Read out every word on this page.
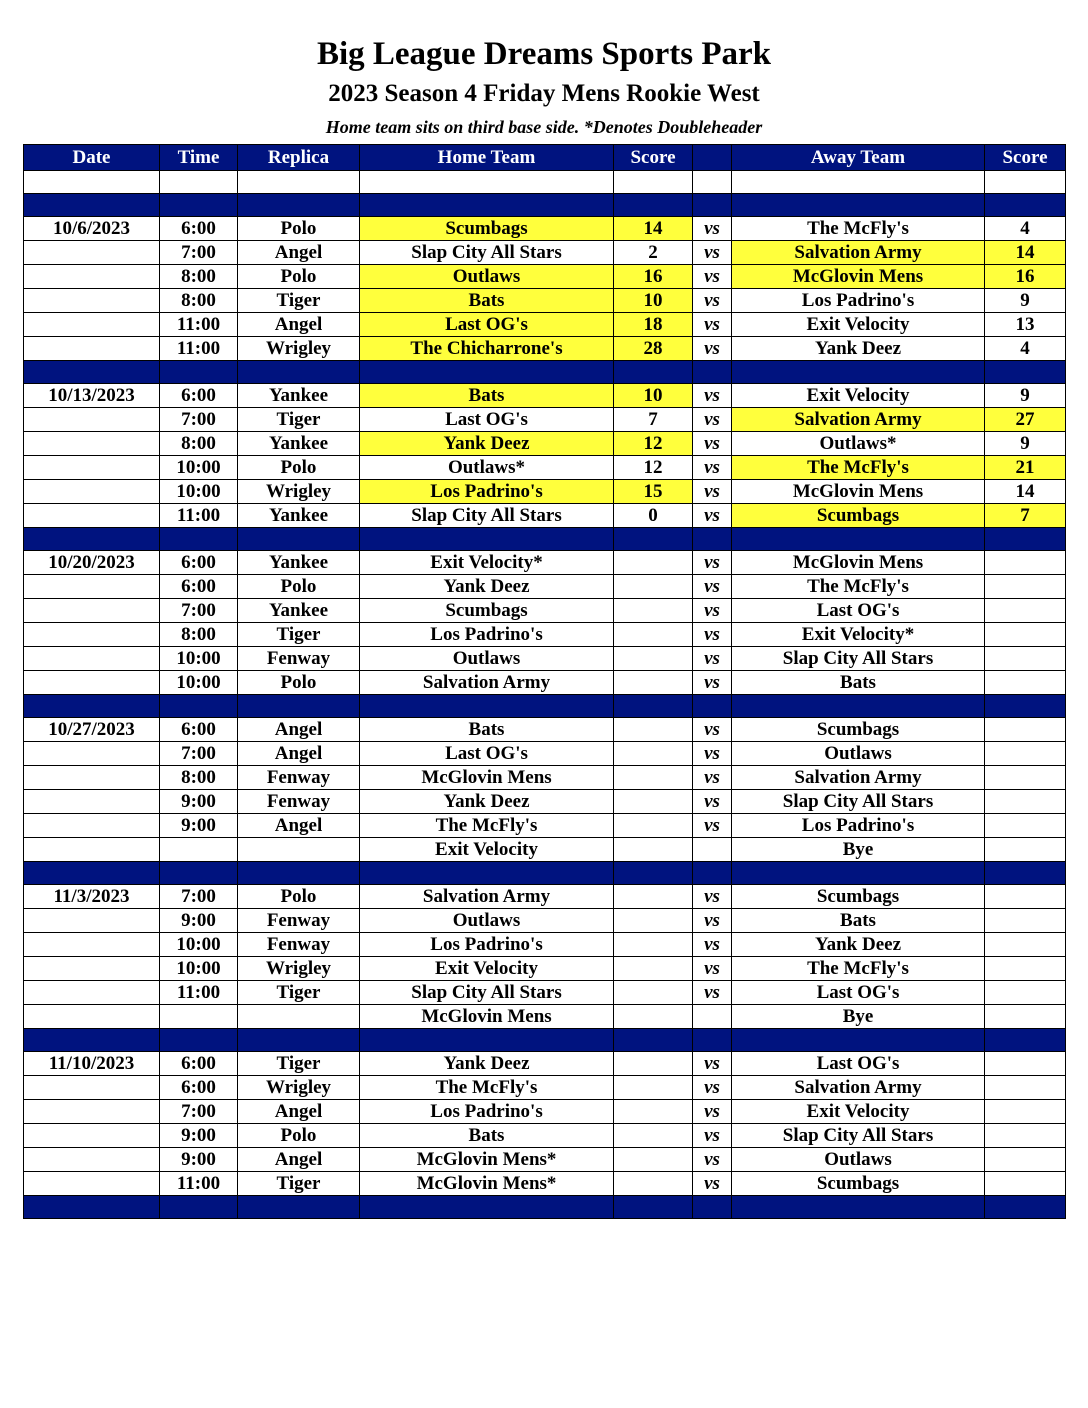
Big League Dreams Sports Park
2023 Season 4 Friday Mens Rookie West
Home team sits on third base side. *Denotes Doubleheader
Date	Time	Replica	Home Team	Score		Away Team	Score

10/6/2023	6:00	Polo	Scumbags	14	vs	The McFly's	4
	7:00	Angel	Slap City All Stars	2	vs	Salvation Army	14
	8:00	Polo	Outlaws	16	vs	McGlovin Mens	16
	8:00	Tiger	Bats	10	vs	Los Padrino's	9
	11:00	Angel	Last OG's	18	vs	Exit Velocity	13
	11:00	Wrigley	The Chicharrone's	28	vs	Yank Deez	4

10/13/2023	6:00	Yankee	Bats	10	vs	Exit Velocity	9
	7:00	Tiger	Last OG's	7	vs	Salvation Army	27
	8:00	Yankee	Yank Deez	12	vs	Outlaws*	9
	10:00	Polo	Outlaws*	12	vs	The McFly's	21
	10:00	Wrigley	Los Padrino's	15	vs	McGlovin Mens	14
	11:00	Yankee	Slap City All Stars	0	vs	Scumbags	7

10/20/2023	6:00	Yankee	Exit Velocity*		vs	McGlovin Mens	
	6:00	Polo	Yank Deez		vs	The McFly's	
	7:00	Yankee	Scumbags		vs	Last OG's	
	8:00	Tiger	Los Padrino's		vs	Exit Velocity*	
	10:00	Fenway	Outlaws		vs	Slap City All Stars	
	10:00	Polo	Salvation Army		vs	Bats	

10/27/2023	6:00	Angel	Bats		vs	Scumbags	
	7:00	Angel	Last OG's		vs	Outlaws	
	8:00	Fenway	McGlovin Mens		vs	Salvation Army	
	9:00	Fenway	Yank Deez		vs	Slap City All Stars	
	9:00	Angel	The McFly's		vs	Los Padrino's	
			Exit Velocity			Bye	

11/3/2023	7:00	Polo	Salvation Army		vs	Scumbags	
	9:00	Fenway	Outlaws		vs	Bats	
	10:00	Fenway	Los Padrino's		vs	Yank Deez	
	10:00	Wrigley	Exit Velocity		vs	The McFly's	
	11:00	Tiger	Slap City All Stars		vs	Last OG's	
			McGlovin Mens			Bye	

11/10/2023	6:00	Tiger	Yank Deez		vs	Last OG's	
	6:00	Wrigley	The McFly's		vs	Salvation Army	
	7:00	Angel	Los Padrino's		vs	Exit Velocity	
	9:00	Polo	Bats		vs	Slap City All Stars	
	9:00	Angel	McGlovin Mens*		vs	Outlaws	
	11:00	Tiger	McGlovin Mens*		vs	Scumbags	
